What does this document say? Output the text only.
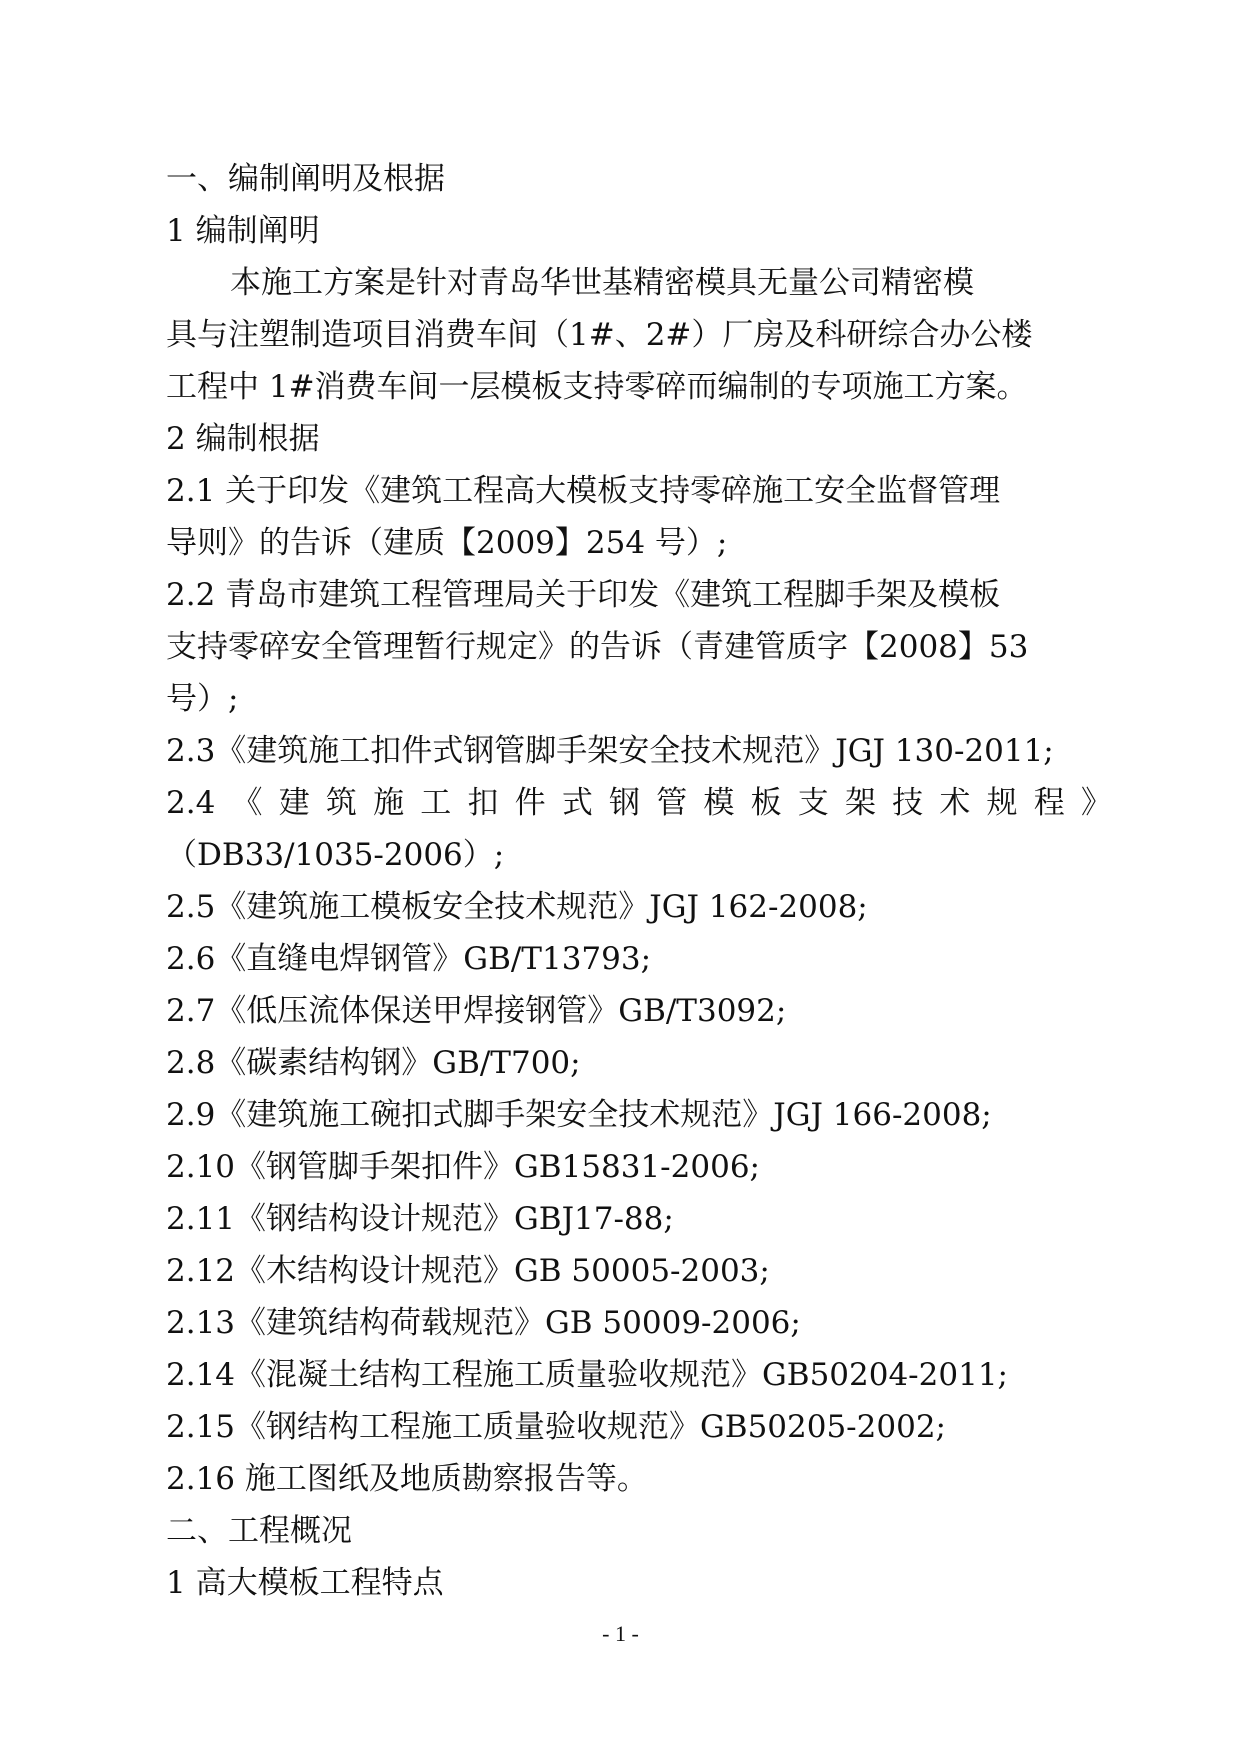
一、编制阐明及根据
1 编制阐明
本施工方案是针对青岛华世基精密模具无量公司精密模
具与注塑制造项目消费车间（1#、2#）厂房及科研综合办公楼
工程中 1#消费车间一层模板支持零碎而编制的专项施工方案。
2 编制根据
2.1 关于印发《建筑工程高大模板支持零碎施工安全监督管理
导则》的告诉（建质【2009】254 号）;
2.2 青岛市建筑工程管理局关于印发《建筑工程脚手架及模板
支持零碎安全管理暂行规定》的告诉（青建管质字【2008】53
号）;
2.3《建筑施工扣件式钢管脚手架安全技术规范》JGJ 130-2011;
2.4 《 建 筑 施 工 扣 件 式 钢 管 模 板 支 架 技 术 规 程 》
（DB33/1035-2006）;
2.5《建筑施工模板安全技术规范》JGJ 162-2008;
2.6《直缝电焊钢管》GB/T13793;
2.7《低压流体保送甲焊接钢管》GB/T3092;
2.8《碳素结构钢》GB/T700;
2.9《建筑施工碗扣式脚手架安全技术规范》JGJ 166-2008;
2.10《钢管脚手架扣件》GB15831-2006;
2.11《钢结构设计规范》GBJ17-88;
2.12《木结构设计规范》GB 50005-2003;
2.13《建筑结构荷载规范》GB 50009-2006;
2.14《混凝土结构工程施工质量验收规范》GB50204-2011;
2.15《钢结构工程施工质量验收规范》GB50205-2002;
2.16 施工图纸及地质勘察报告等。
二、工程概况
1 高大模板工程特点
- 1 -
